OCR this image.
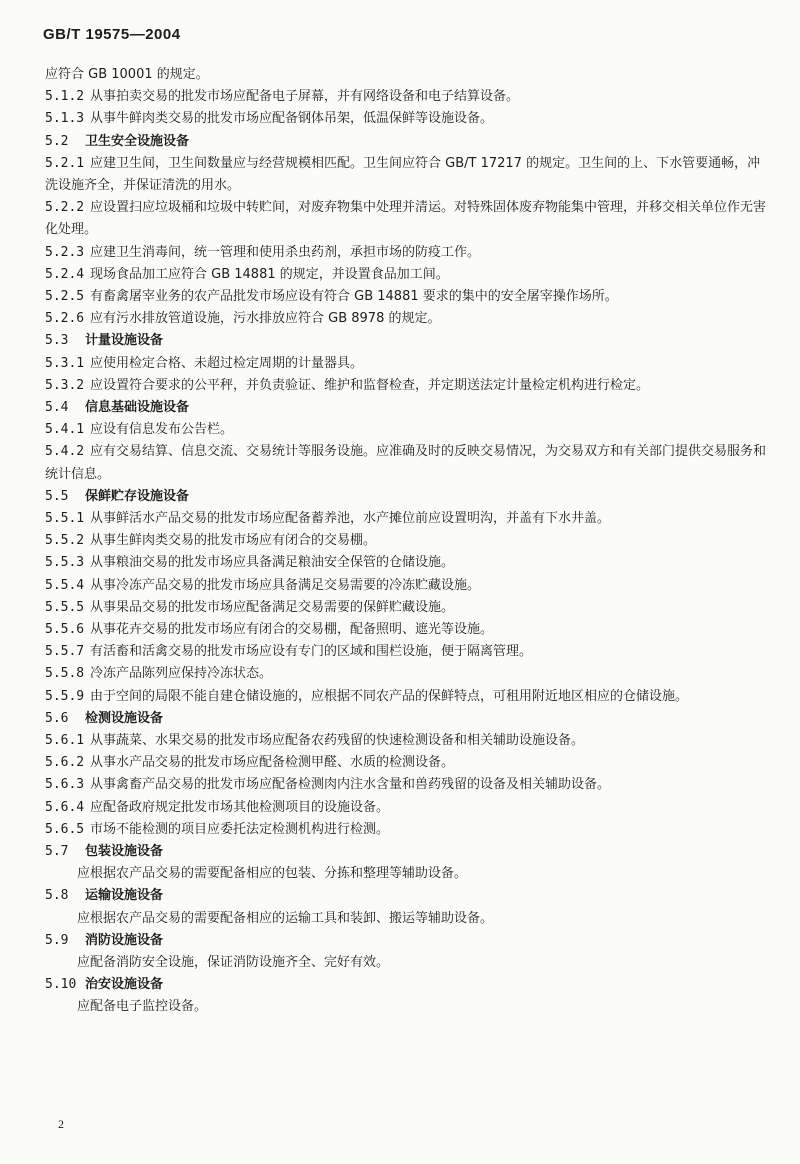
GB/T 19575—2004
应符合 GB 10001 的规定。
5.1.2 从事拍卖交易的批发市场应配备电子屏幕，并有网络设备和电子结算设备。
5.1.3 从事牛鲜肉类交易的批发市场应配备钢体吊架，低温保鲜等设施设备。
5.2 卫生安全设施设备
5.2.1 应建卫生间，卫生间数量应与经营规模相匹配。卫生间应符合 GB/T 17217 的规定。卫生间的上、下水管要通畅，冲洗设施齐全，并保证清洗的用水。
5.2.2 应设置扫应垃圾桶和垃圾中转贮间，对废弃物集中处理并清运。对特殊固体废弃物能集中管理，并移交相关单位作无害化处理。
5.2.3 应建卫生消毒间，统一管理和使用杀虫药剂，承担市场的防疫工作。
5.2.4 现场食品加工应符合 GB 14881 的规定，并设置食品加工间。
5.2.5 有畜禽屠宰业务的农产品批发市场应设有符合 GB 14881 要求的集中的安全屠宰操作场所。
5.2.6 应有污水排放管道设施，污水排放应符合 GB 8978 的规定。
5.3 计量设施设备
5.3.1 应使用检定合格、未超过检定周期的计量器具。
5.3.2 应设置符合要求的公平秤，并负责验证、维护和监督检查，并定期送法定计量检定机构进行检定。
5.4 信息基础设施设备
5.4.1 应设有信息发布公告栏。
5.4.2 应有交易结算、信息交流、交易统计等服务设施。应准确及时的反映交易情况，为交易双方和有关部门提供交易服务和统计信息。
5.5 保鲜贮存设施设备
5.5.1 从事鲜活水产品交易的批发市场应配备蓄养池，水产摊位前应设置明沟，并盖有下水井盖。
5.5.2 从事生鲜肉类交易的批发市场应有闭合的交易棚。
5.5.3 从事粮油交易的批发市场应具备满足粮油安全保管的仓储设施。
5.5.4 从事冷冻产品交易的批发市场应具备满足交易需要的冷冻贮藏设施。
5.5.5 从事果品交易的批发市场应配备满足交易需要的保鲜贮藏设施。
5.5.6 从事花卉交易的批发市场应有闭合的交易棚，配备照明、遮光等设施。
5.5.7 有活畜和活禽交易的批发市场应设有专门的区域和围栏设施，便于隔离管理。
5.5.8 冷冻产品陈列应保持冷冻状态。
5.5.9 由于空间的局限不能自建仓储设施的，应根据不同农产品的保鲜特点，可租用附近地区相应的仓储设施。
5.6 检测设施设备
5.6.1 从事蔬菜、水果交易的批发市场应配备农药残留的快速检测设备和相关辅助设施设备。
5.6.2 从事水产品交易的批发市场应配备检测甲醛、水质的检测设备。
5.6.3 从事禽畜产品交易的批发市场应配备检测肉内注水含量和兽药残留的设备及相关辅助设备。
5.6.4 应配备政府规定批发市场其他检测项目的设施设备。
5.6.5 市场不能检测的项目应委托法定检测机构进行检测。
5.7 包装设施设备
应根据农产品交易的需要配备相应的包装、分拣和整理等辅助设备。
5.8 运输设施设备
应根据农产品交易的需要配备相应的运输工具和装卸、搬运等辅助设备。
5.9 消防设施设备
应配备消防安全设施，保证消防设施齐全、完好有效。
5.10 治安设施设备
应配备电子监控设备。
2
